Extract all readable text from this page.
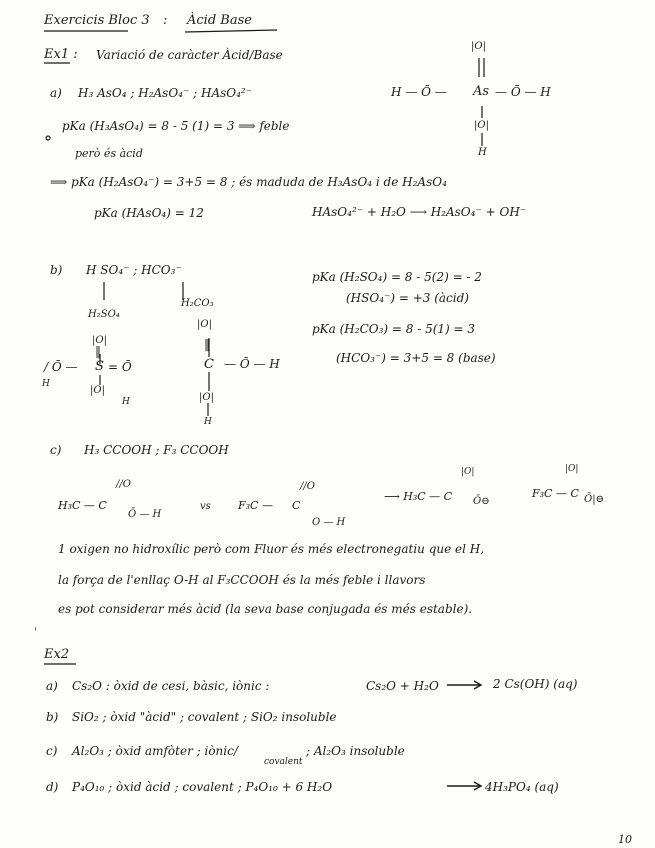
Exercicis Bloc 3 : Àcid Base
Ex1 : Variació de caràcter Àcid/Base
a) H₃ AsO₄ ; H₂AsO₄⁻ ; HAsO₄²⁻
|O|
H — Ō — As — Ō — H
|O|
H
pKa (H₃AsO₄) = 8 - 5 (1) = 3 ⟹ feble
però és àcid
⟹ pKa (H₂AsO₄⁻) = 3+5 = 8 ; és maduda de H₃AsO₄ i de H₂AsO₄
pKa (HAsO₄) = 12	HAsO₄²⁻ + H₂O ⟶ H₂AsO₄⁻ + OH⁻
b) H SO₄⁻ ; HCO₃⁻
H₂SO₄
H₂CO₃
|O|
‖
/ Ō — S = Ō
H
|O|
H
|O|
‖
C — Ō — H
|O|
H
pKa (H₂SO₄) = 8 - 5(2) = - 2
(HSO₄⁻) = +3 (àcid)
pKa (H₂CO₃) = 8 - 5(1) = 3
(HCO₃⁻) = 3+5 = 8 (base)
c) H₃ CCOOH ; F₃ CCOOH
H₃C — C
//O
Ō — H
vs F₃C — C
//O
O — H
⟶ H₃C — C
|O|
Ō⊖
F₃C — C
|O|
Ō|⊖
1 oxigen no hidroxílic però com Fluor és més electronegatiu que el H,
la força de l'enllaç O-H al F₃CCOOH és la més feble i llavors
es pot considerar més àcid (la seva base conjugada és més estable).
'
Ex2
a) Cs₂O : òxid de cesi, bàsic, iònic :	Cs₂O + H₂O	2 Cs(OH) (aq)
b) SiO₂ ; òxid "àcid" ; covalent ; SiO₂ insoluble
c) Al₂O₃ ; òxid amfòter ; iònic/
covalent
; Al₂O₃ insoluble
d) P₄O₁₀ ; òxid àcid ; covalent ; P₄O₁₀ + 6 H₂O	4H₃PO₄ (aq)
10
